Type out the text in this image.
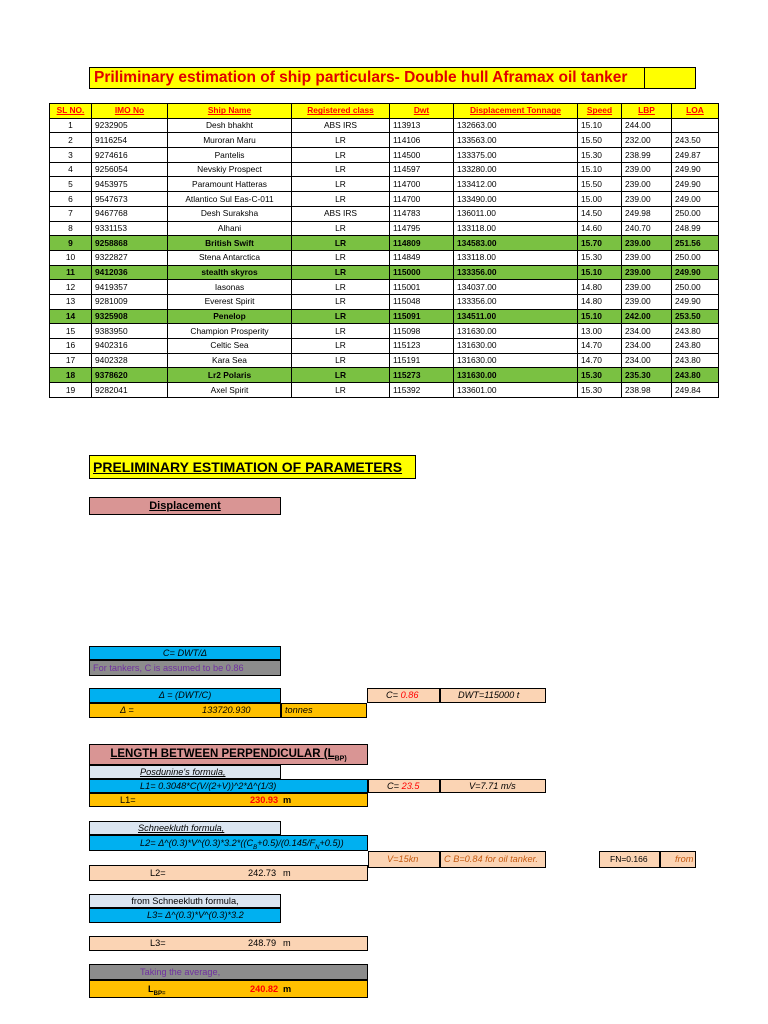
Priliminary estimation of ship particulars- Double hull Aframax oil tanker
SL NO.	IMO No	Ship Name	Registered class	Dwt	Displacement Tonnage	Speed	LBP	LOA
1	9232905	Desh bhakht	ABS IRS	113913	132663.00	15.10	244.00	
2	9116254	Muroran Maru	LR	114106	133563.00	15.50	232.00	243.50
3	9274616	Pantelis	LR	114500	133375.00	15.30	238.99	249.87
4	9256054	Nevskiy Prospect	LR	114597	133280.00	15.10	239.00	249.90
5	9453975	Paramount Hatteras	LR	114700	133412.00	15.50	239.00	249.90
6	9547673	Atlantico Sul Eas-C-011	LR	114700	133490.00	15.00	239.00	249.00
7	9467768	Desh Suraksha	ABS IRS	114783	136011.00	14.50	249.98	250.00
8	9331153	Alhani	LR	114795	133118.00	14.60	240.70	248.99
9	9258868	British Swift	LR	114809	134583.00	15.70	239.00	251.56
10	9322827	Stena Antarctica	LR	114849	133118.00	15.30	239.00	250.00
11	9412036	stealth skyros	LR	115000	133356.00	15.10	239.00	249.90
12	9419357	Iasonas	LR	115001	134037.00	14.80	239.00	250.00
13	9281009	Everest Spirit	LR	115048	133356.00	14.80	239.00	249.90
14	9325908	Penelop	LR	115091	134511.00	15.10	242.00	253.50
15	9383950	Champion Prosperity	LR	115098	131630.00	13.00	234.00	243.80
16	9402316	Celtic Sea	LR	115123	131630.00	14.70	234.00	243.80
17	9402328	Kara Sea	LR	115191	131630.00	14.70	234.00	243.80
18	9378620	Lr2 Polaris	LR	115273	131630.00	15.30	235.30	243.80
19	9282041	Axel Spirit	LR	115392	133601.00	15.30	238.98	249.84
PRELIMINARY ESTIMATION OF PARAMETERS
Displacement
C= DWT/Δ
For tankers, C is assumed to be 0.86
Δ = (DWT/C)	C= 0.86	DWT=115000 t
Δ =	133720.930	tonnes
LENGTH BETWEEN PERPENDICULAR ($L_{BP)}$
Posdunine's formula,
L1= 0.3048*C(V/(2+V))^2*Δ^(1/3)	C= 23.5	V=7.71 m/s
L1=	230.93 m
Schneekluth formula,
$L2= \Delta\^{}(0.3)*V\^{}(0.3)*3.2*((C_B+0.5)/(0.145/F_N+0.5))$
V=15kn	C B=0.84 for oil tanker.	FN=0.166	from
L2=	242.73 m
from Schneekluth formula,
L3= Δ^(0.3)*V^(0.3)*3.2
L3=	248.79 m
Taking the average,
$L_{BP=}$	240.82 m
